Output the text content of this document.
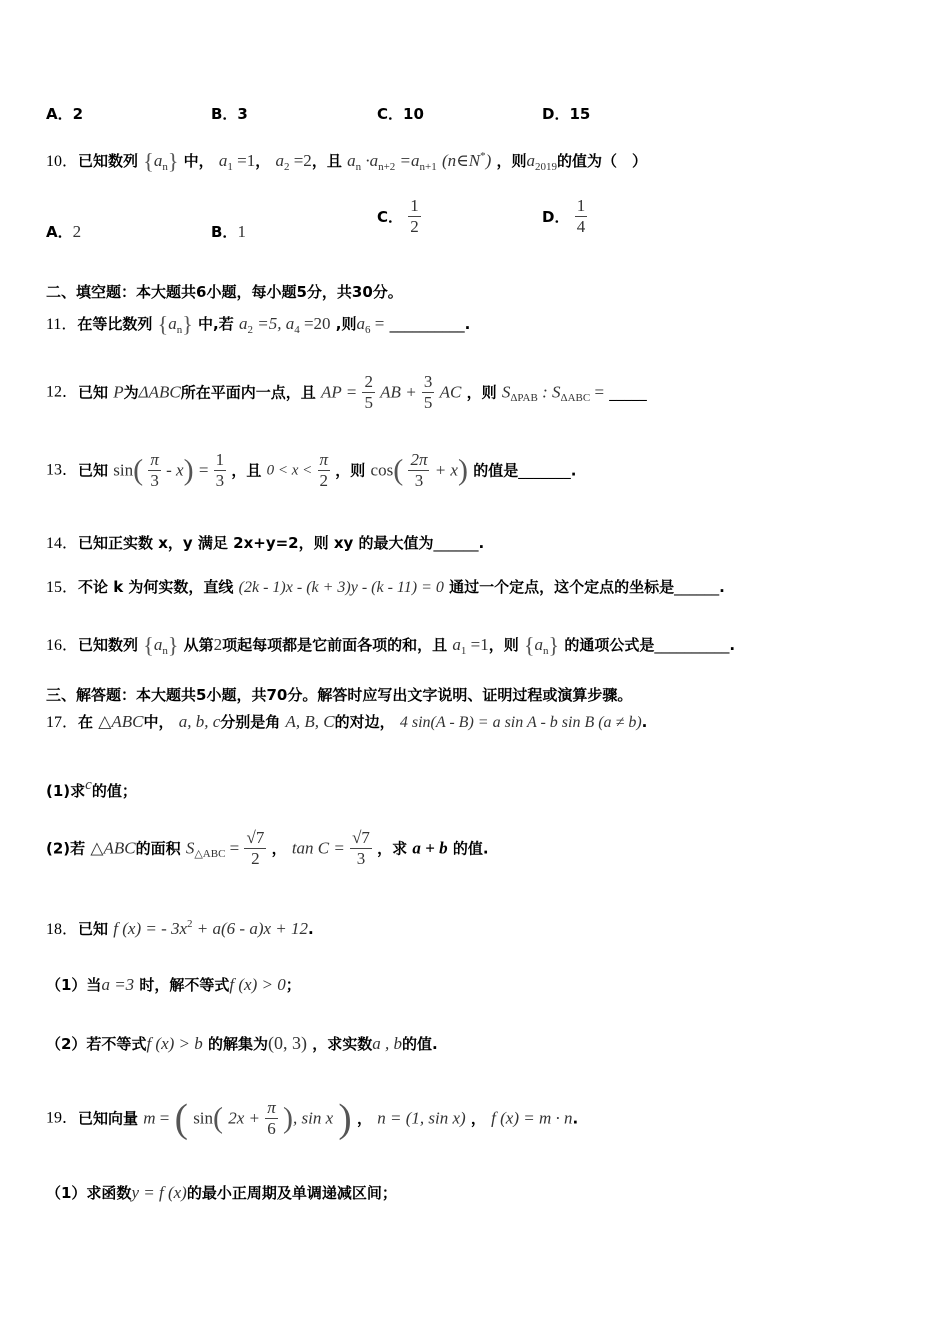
A．2	B．3	C．10	D．15
10．已知数列 $\{a_n\}$ 中， $a_1 =1$， $a_2 =2$，且 $a_n \cdot a_{n+2} =a_{n+1}$ (n∈N*) ，则$a_{2019}$的值为（　）
A．2	B．1
C． $\frac{1}{2}$	D． $\frac{1}{4}$
二、填空题：本大题共6小题，每小题5分，共30分。
11．在等比数列 $\{a_n\}$ 中,若 $a_2 =5$, $a_4 =20$ ,则$a_6$ = __________.
12．已知 P为ΔABC所在平面内一点，且 AP = $\frac{2}{5}$ AB + $\frac{3}{5}$ AC ，则 $S_{\Delta PAB}$ : $S_{\Delta ABC}$ = _____
13．已知 $\sin( \frac{\pi}{3} - x) = \frac{1}{3}$ ，且 $0 < x < \frac{\pi}{2}$ ，则 $\cos( \frac{2\pi}{3} + x)$ 的值是_______.
14．已知正实数 x，y 满足 2x+y=2，则 xy 的最大值为______.
15．不论 k 为何实数，直线 (2k - 1)x - (k + 3)y - (k - 11) = 0 通过一个定点，这个定点的坐标是______.
16．已知数列 $\{a_n\}$ 从第2项起每项都是它前面各项的和，且 $a_1 =1$，则 $\{a_n\}$ 的通项公式是__________.
三、解答题：本大题共5小题，共70分。解答时应写出文字说明、证明过程或演算步骤。
17．在 △ABC中， a, b, c分别是角 A, B, C的对边， 4 sin(A - B) = a sin A - b sin B (a ≠ b).
(1)求c的值；
(2)若 △ABC的面积 $S_{\triangle ABC} = \frac{√7}{2}$ ， $\tan C = \frac{√7}{3}$ ，求 a + b 的值.
18．已知 f (x) = - $3x^2 + a(6 - a)x + 12$.
（1）当a =3 时，解不等式f (x) > 0；
（2）若不等式f (x) > b 的解集为(0, 3) ，求实数a , b的值.
19．已知向量 m = ( sin( $2x + \frac{\pi}{6}$ ), sin x ) ， n = (1, sin x) ， f (x) = m · n.
（1）求函数y = f (x)的最小正周期及单调递减区间；
